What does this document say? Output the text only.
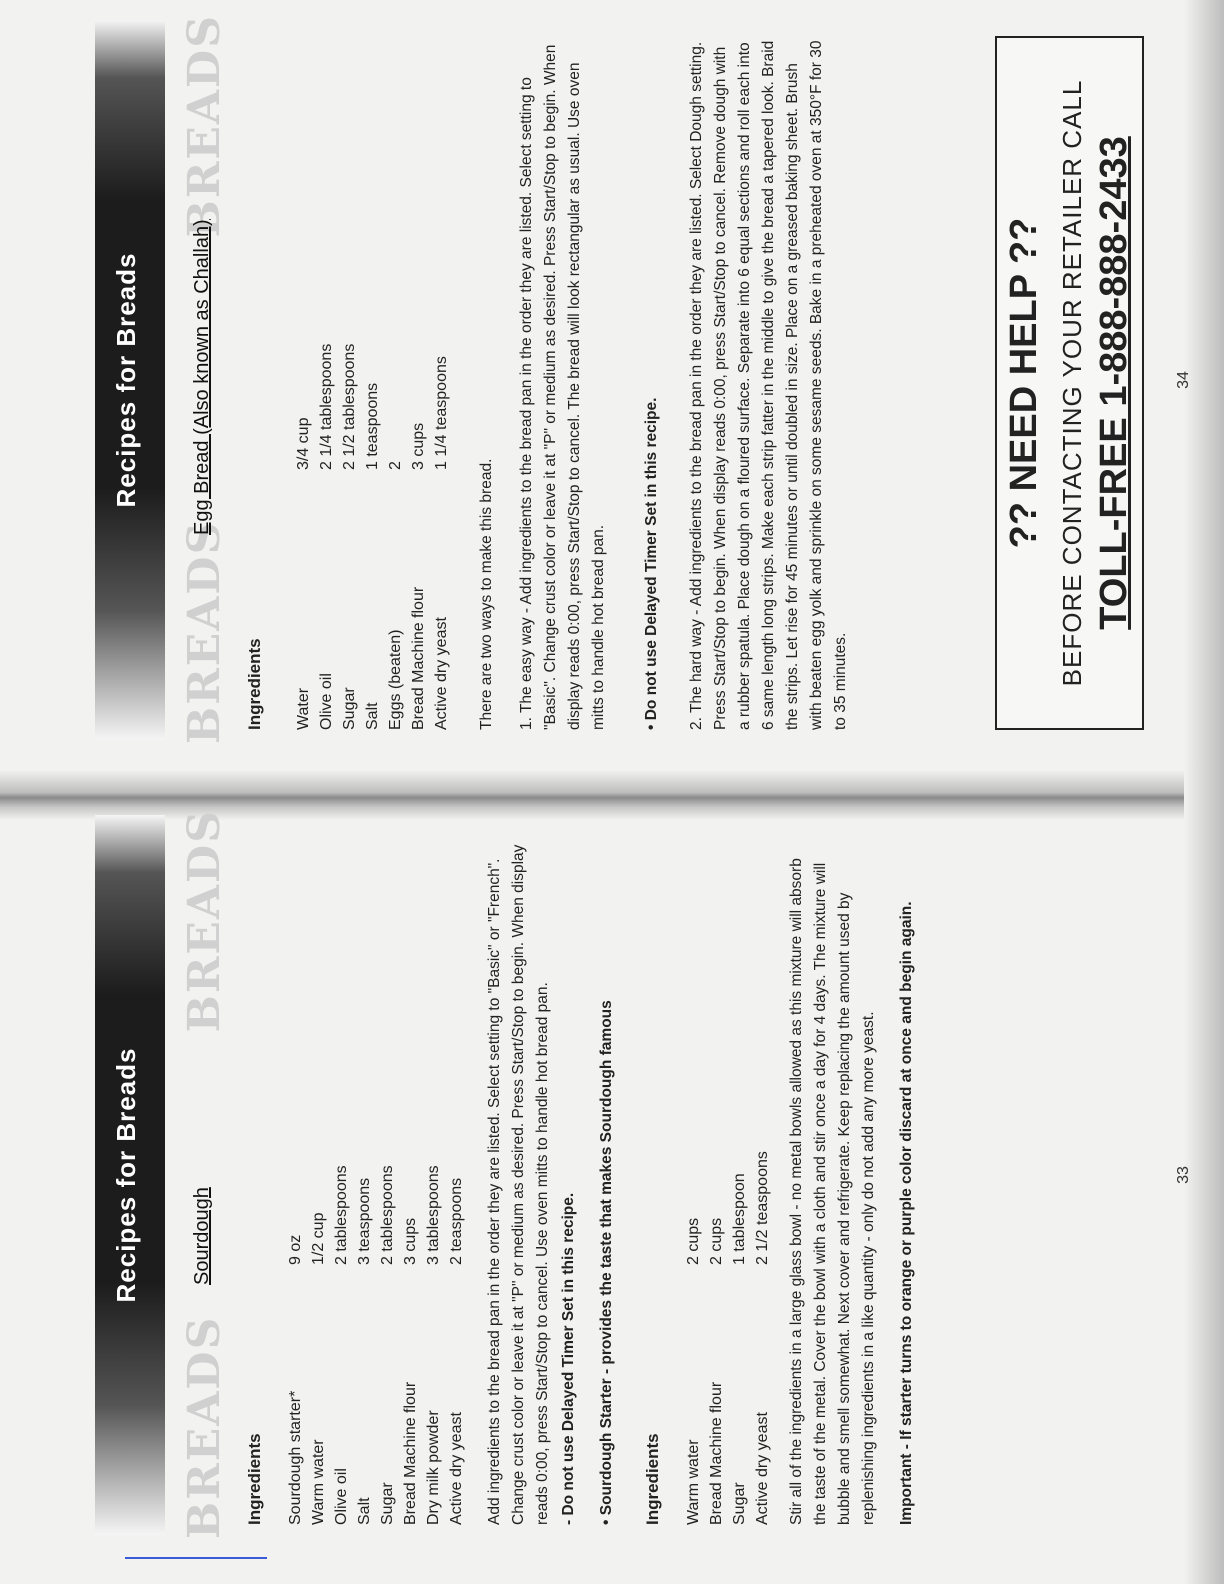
Recipes for Breads
BREADS
BREADS
Sourdough
Ingredients Sourdough starter*	9 oz
Warm water	1/2 cup
Olive oil	2 tablespoons
Salt	3 teaspoons
Sugar	2 tablespoons
Bread Machine flour	3 cups
Dry milk powder	3 tablespoons
Active dry yeast	2 teaspoons Add ingredients to the bread pan in the order they are listed. Select setting to "Basic" or "French". Change crust color or leave it at "P" or medium as desired. Press Start/Stop to begin. When display reads 0:00, press Start/Stop to cancel. Use oven mitts to handle hot bread pan. - Do not use Delayed Timer Set in this recipe. • Sourdough Starter - provides the taste that makes Sourdough famous Ingredients Warm water	2 cups
Bread Machine flour	2 cups
Sugar	1 tablespoon
Active dry yeast	2 1/2 teaspoons Stir all of the ingredients in a large glass bowl - no metal bowls allowed as this mixture will absorb the taste of the metal. Cover the bowl with a cloth and stir once a day for 4 days. The mixture will bubble and smell somewhat. Next cover and refrigerate. Keep replacing the amount used by replenishing ingredients in a like quantity - only do not add any more yeast. Important - If starter turns to orange or purple color discard at once and begin again.	33
Recipes for Breads
BREADS
BREADS
Egg Bread (Also known as Challah)
Ingredients Water	3/4 cup
Olive oil	2 1/4 tablespoons
Sugar	2 1/2 tablespoons
Salt	1 teaspoons
Eggs (beaten)	2
Bread Machine flour	3 cups
Active dry yeast	1 1/4 teaspoons
There are two ways to make this bread. 1. The easy way - Add ingredients to the bread pan in the order they are listed. Select setting to "Basic". Change crust color or leave it at "P" or medium as desired. Press Start/Stop to begin. When display reads 0:00, press Start/Stop to cancel. The bread will look rectangular as usual. Use oven mitts to handle hot bread pan. • Do not use Delayed Timer Set in this recipe. 2. The hard way - Add ingredients to the bread pan in the order they are listed. Select Dough setting. Press Start/Stop to begin. When display reads 0:00, press Start/Stop to cancel. Remove dough with a rubber spatula. Place dough on a floured surface. Separate into 6 equal sections and roll each into 6 same length long strips. Make each strip fatter in the middle to give the bread a tapered look. Braid the strips. Let rise for 45 minutes or until doubled in size. Place on a greased baking sheet. Brush with beaten egg yolk and sprinkle on some sesame seeds. Bake in a preheated oven at 350°F for 30 to 35 minutes.

?? NEED HELP ?? BEFORE CONTACTING YOUR RETAILER CALL TOLL-FREE 1-888-888-2433	34
